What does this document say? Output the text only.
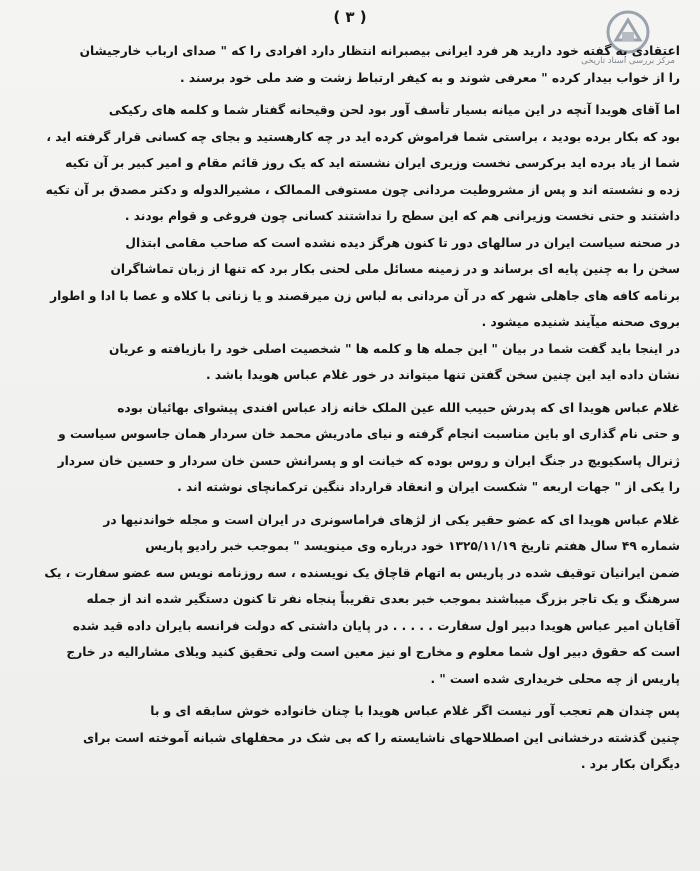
( ۳ )
مرکز بررسی اسناد تاریخی
اعتقادی به گفته خود دارید هر فرد ایرانی بیصبرانه انتظار دارد افرادی را که " صدای ارباب خارجیشان
را از خواب بیدار کرده " معرفی شوند و به کیفر ارتباط زشت و ضد ملی خود برسند .
اما آقای هویدا آنچه در این میانه بسیار تأسف آور بود لحن وقیحانه گفتار شما و کلمه های رکیکی
بود که بکار برده بودید ، براستی شما فراموش کرده اید در چه کارهستید و بجای چه کسانی قرار گرفته اید ،
شما از یاد برده اید برکرسی نخست وزیری ایران نشسته اید که یک روز قائم مقام و امیر کبیر بر آن تکیه
زده و نشسته اند و پس از مشروطیت مردانی چون مستوفی الممالک ، مشیرالدوله و دکتر مصدق بر آن تکیه
داشتند و حتی نخست وزیرانی هم که این سطح را نداشتند کسانی چون فروغی و قوام بودند .
در صحنه سیاست ایران در سالهای دور تا کنون هرگز دیده نشده است که صاحب مقامی ابتذال
سخن را به چنین پایه ای برساند و در زمینه مسائل ملی لحنی بکار برد که تنها از زبان تماشاگران
برنامه کافه های جاهلی شهر که در آن مردانی به لباس زن میرقصند و یا زنانی با کلاه و عصا با ادا و اطوار
بروی صحنه میآیند شنیده میشود .
در اینجا باید گفت شما در بیان " این جمله ها و کلمه ها " شخصیت اصلی خود را بازیافته و عریان
نشان داده اید این چنین سخن گفتن تنها میتواند در خور غلام عباس هویدا باشد .
غلام عباس هویدا ای که پدرش حبیب الله عین الملک خانه زاد عباس افندی پیشوای بهائیان بوده
و حتی نام گذاری او باین مناسبت انجام گرفته و نیای مادریش محمد خان سردار همان جاسوس سیاست و
ژنرال پاسکیویچ در جنگ ایران و روس بوده که خیانت او و پسرانش حسن خان سردار و حسین خان سردار
را یکی از " جهات اربعه " شکست ایران و انعقاد قرارداد ننگین ترکمانچای نوشته اند .
غلام عباس هویدا ای که عضو حقیر یکی از لژهای فراماسونری در ایران است و مجله خواندنیها در
شماره ۴۹ سال هفتم تاریخ ۱۳۲۵/۱۱/۱۹ خود درباره وی مینویسد " بموجب خبر رادیو پاریس
ضمن ایرانیان توقیف شده در پاریس به اتهام قاچاق یک نویسنده ، سه روزنامه نویس سه عضو سفارت ، یک
سرهنگ و یک تاجر بزرگ میباشند بموجب خبر بعدی تقریباً پنجاه نفر تا کنون دستگیر شده اند از جمله
آقایان امیر عباس هویدا دبیر اول سفارت . . . . . در پایان داشتی که دولت فرانسه بایران داده قید شده
است که حقوق دبیر اول شما معلوم و مخارج او نیز معین است ولی تحقیق کنید ویلای مشارالیه در خارج
پاریس از چه محلی خریداری شده است " .
پس چندان هم تعجب آور نیست اگر غلام عباس هویدا با چنان خانواده خوش سابقه ای و با
چنین گذشته درخشانی این اصطلاحهای ناشایسته را که بی شک در محفلهای شبانه آموخته است برای
دیگران بکار برد .
